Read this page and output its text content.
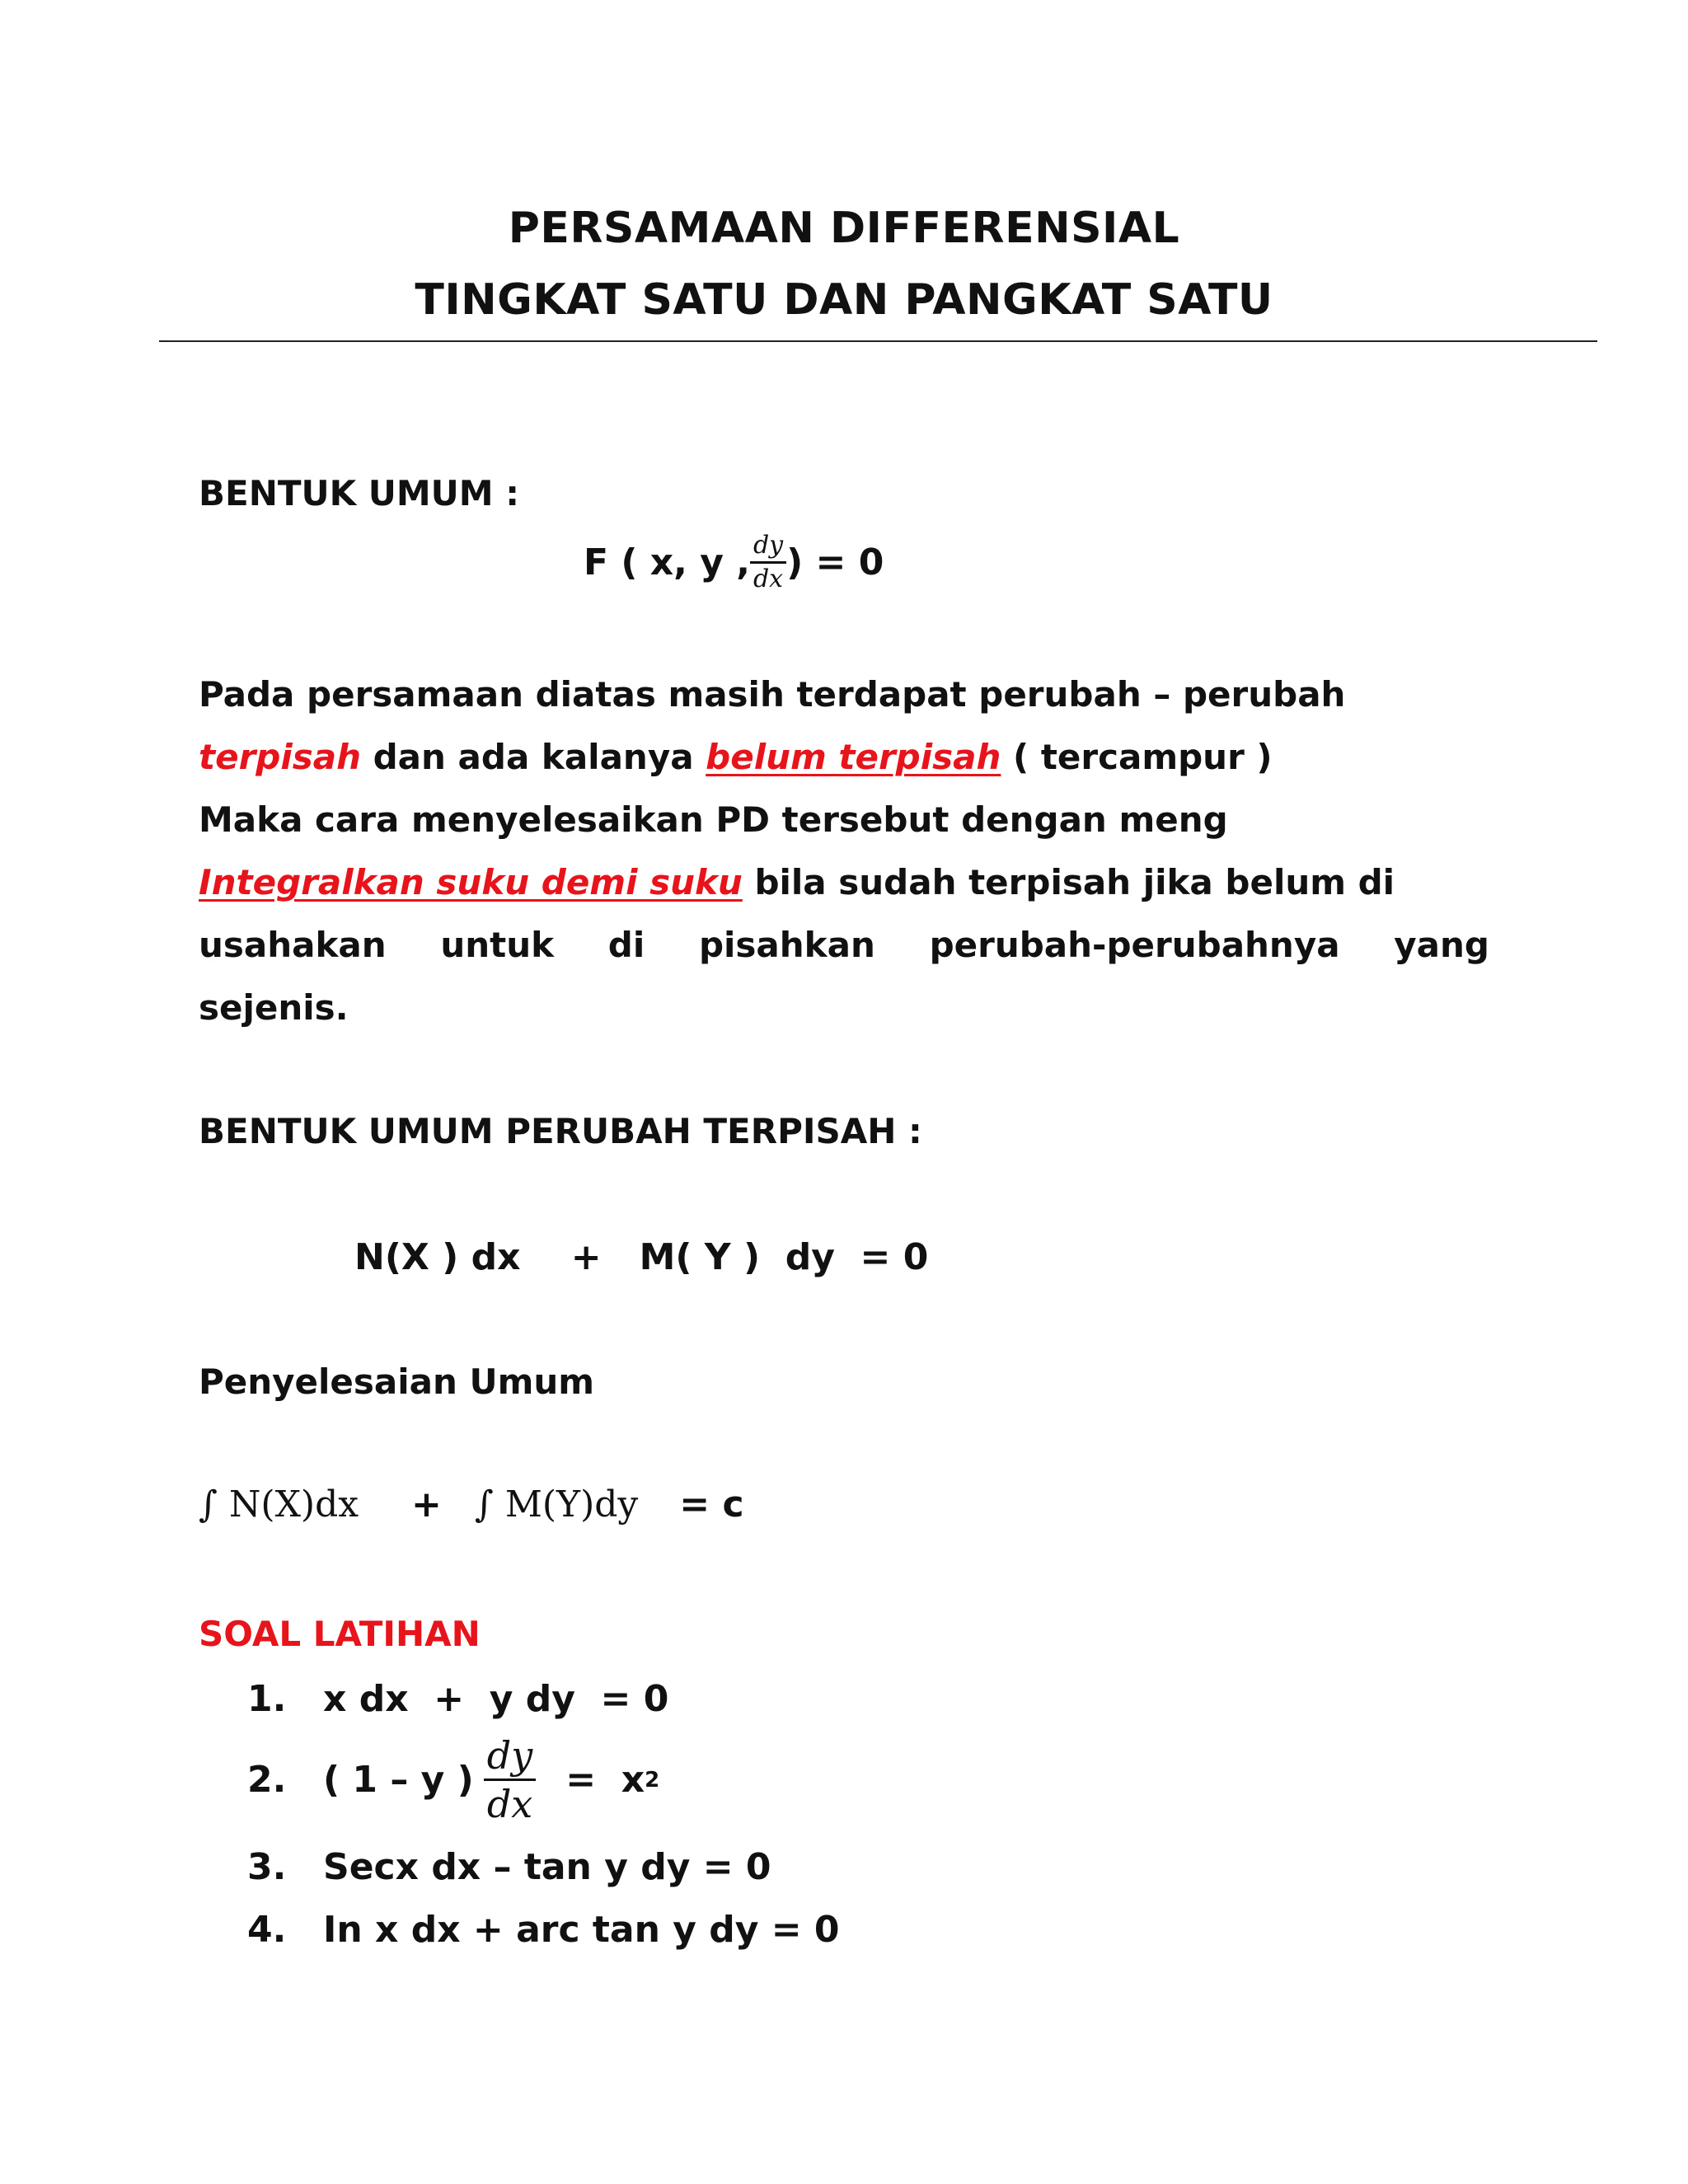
PERSAMAAN DIFFERENSIAL
TINGKAT SATU DAN PANGKAT SATU
BENTUK UMUM :
F ( x, y , $\frac{dy}{dx}$ ) = 0
Pada persamaan diatas masih terdapat perubah – perubah
terpisah dan ada kalanya belum terpisah ( tercampur )
Maka cara menyelesaikan PD tersebut dengan meng
Integralkan suku demi suku bila sudah terpisah jika belum di
usahakan untuk di pisahkan perubah-perubahnya yang
sejenis.
BENTUK UMUM PERUBAH TERPISAH :
N(X ) dx    +   M( Y )  dy  = 0
Penyelesaian Umum
∫ N(X)dx + ∫ M(Y)dy = c
SOAL LATIHAN
1. x dx  +  y dy  = 0
2.	( 1 – y ) $\frac{dy}{dx} = x$ 2
3. Secx dx – tan y dy = 0
4. In x dx + arc tan y dy = 0
